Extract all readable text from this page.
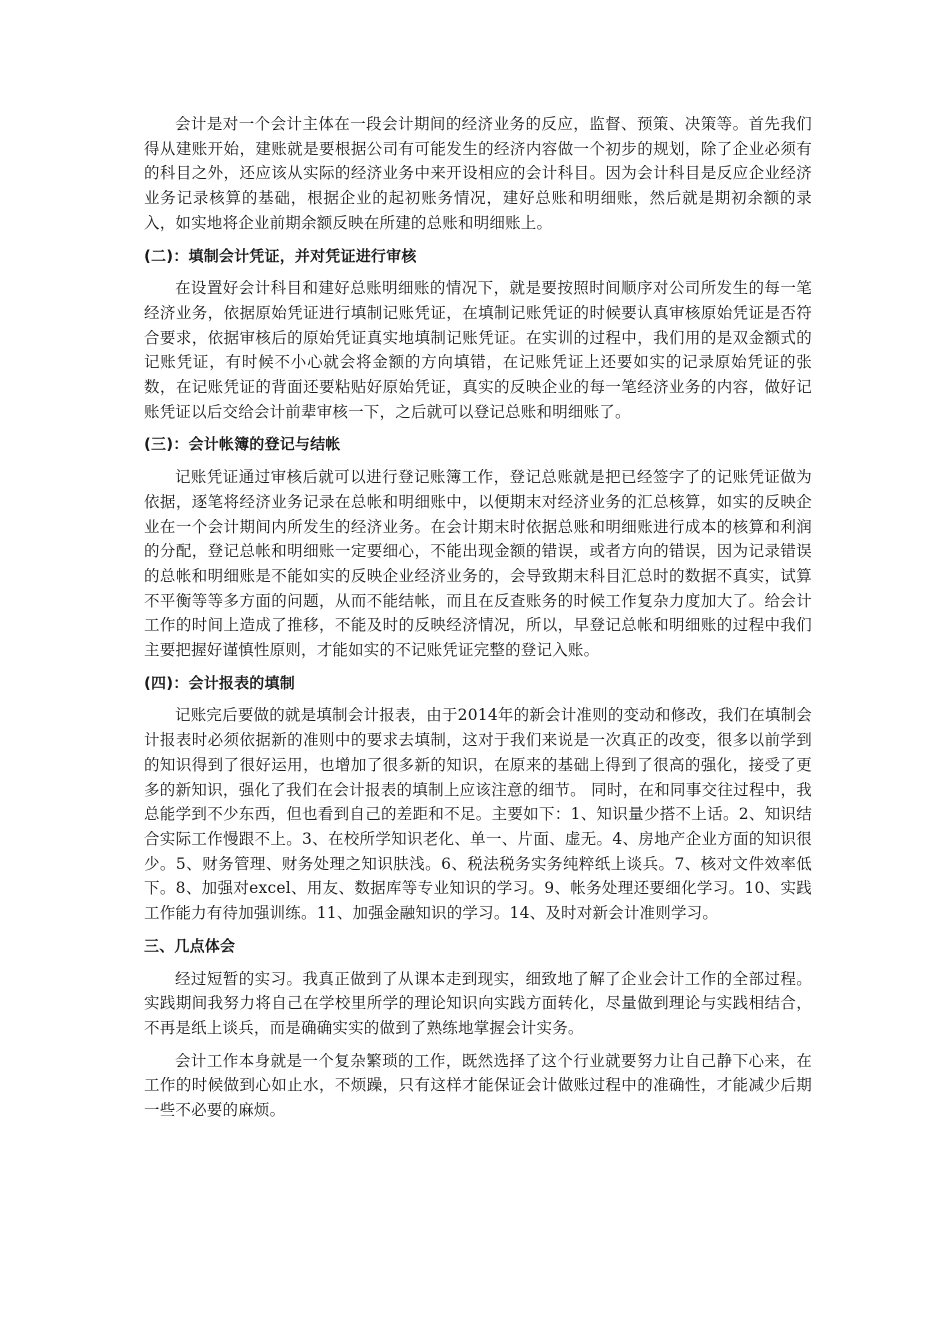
会计是对一个会计主体在一段会计期间的经济业务的反应，监督、预策、决策等。首先我们得从建账开始，建账就是要根据公司有可能发生的经济内容做一个初步的规划，除了企业必须有的科目之外，还应该从实际的经济业务中来开设相应的会计科目。因为会计科目是反应企业经济业务记录核算的基础，根据企业的起初账务情况，建好总账和明细账，然后就是期初余额的录入，如实地将企业前期余额反映在所建的总账和明细账上。

(二)：填制会计凭证，并对凭证进行审核

在设置好会计科目和建好总账明细账的情况下，就是要按照时间顺序对公司所发生的每一笔经济业务，依据原始凭证进行填制记账凭证，在填制记账凭证的时候要认真审核原始凭证是否符合要求，依据审核后的原始凭证真实地填制记账凭证。在实训的过程中，我们用的是双金额式的记账凭证，有时候不小心就会将金额的方向填错，在记账凭证上还要如实的记录原始凭证的张数，在记账凭证的背面还要粘贴好原始凭证，真实的反映企业的每一笔经济业务的内容，做好记账凭证以后交给会计前辈审核一下，之后就可以登记总账和明细账了。

(三)：会计帐簿的登记与结帐

记账凭证通过审核后就可以进行登记账簿工作，登记总账就是把已经签字了的记账凭证做为依据，逐笔将经济业务记录在总帐和明细账中，以便期末对经济业务的汇总核算，如实的反映企业在一个会计期间内所发生的经济业务。在会计期末时依据总账和明细账进行成本的核算和利润的分配，登记总帐和明细账一定要细心，不能出现金额的错误，或者方向的错误，因为记录错误的总帐和明细账是不能如实的反映企业经济业务的，会导致期末科目汇总时的数据不真实，试算不平衡等等多方面的问题，从而不能结帐，而且在反查账务的时候工作复杂力度加大了。给会计工作的时间上造成了推移，不能及时的反映经济情况，所以，早登记总帐和明细账的过程中我们主要把握好谨慎性原则，才能如实的不记账凭证完整的登记入账。

(四)：会计报表的填制

记账完后要做的就是填制会计报表，由于2014年的新会计准则的变动和修改，我们在填制会计报表时必须依据新的准则中的要求去填制，这对于我们来说是一次真正的改变，很多以前学到的知识得到了很好运用，也增加了很多新的知识，在原来的基础上得到了很高的强化，接受了更多的新知识，强化了我们在会计报表的填制上应该注意的细节。 同时，在和同事交往过程中，我总能学到不少东西，但也看到自己的差距和不足。主要如下：1、知识量少搭不上话。2、知识结合实际工作慢跟不上。3、在校所学知识老化、单一、片面、虚无。4、房地产企业方面的知识很少。5、财务管理、财务处理之知识肤浅。6、税法税务实务纯粹纸上谈兵。7、核对文件效率低下。8、加强对excel、用友、数据库等专业知识的学习。9、帐务处理还要细化学习。10、实践工作能力有待加强训练。11、加强金融知识的学习。14、及时对新会计准则学习。

三、几点体会

经过短暂的实习。我真正做到了从课本走到现实，细致地了解了企业会计工作的全部过程。实践期间我努力将自己在学校里所学的理论知识向实践方面转化，尽量做到理论与实践相结合，不再是纸上谈兵，而是确确实实的做到了熟练地掌握会计实务。

会计工作本身就是一个复杂繁琐的工作，既然选择了这个行业就要努力让自己静下心来，在工作的时候做到心如止水，不烦躁，只有这样才能保证会计做账过程中的准确性，才能减少后期一些不必要的麻烦。
